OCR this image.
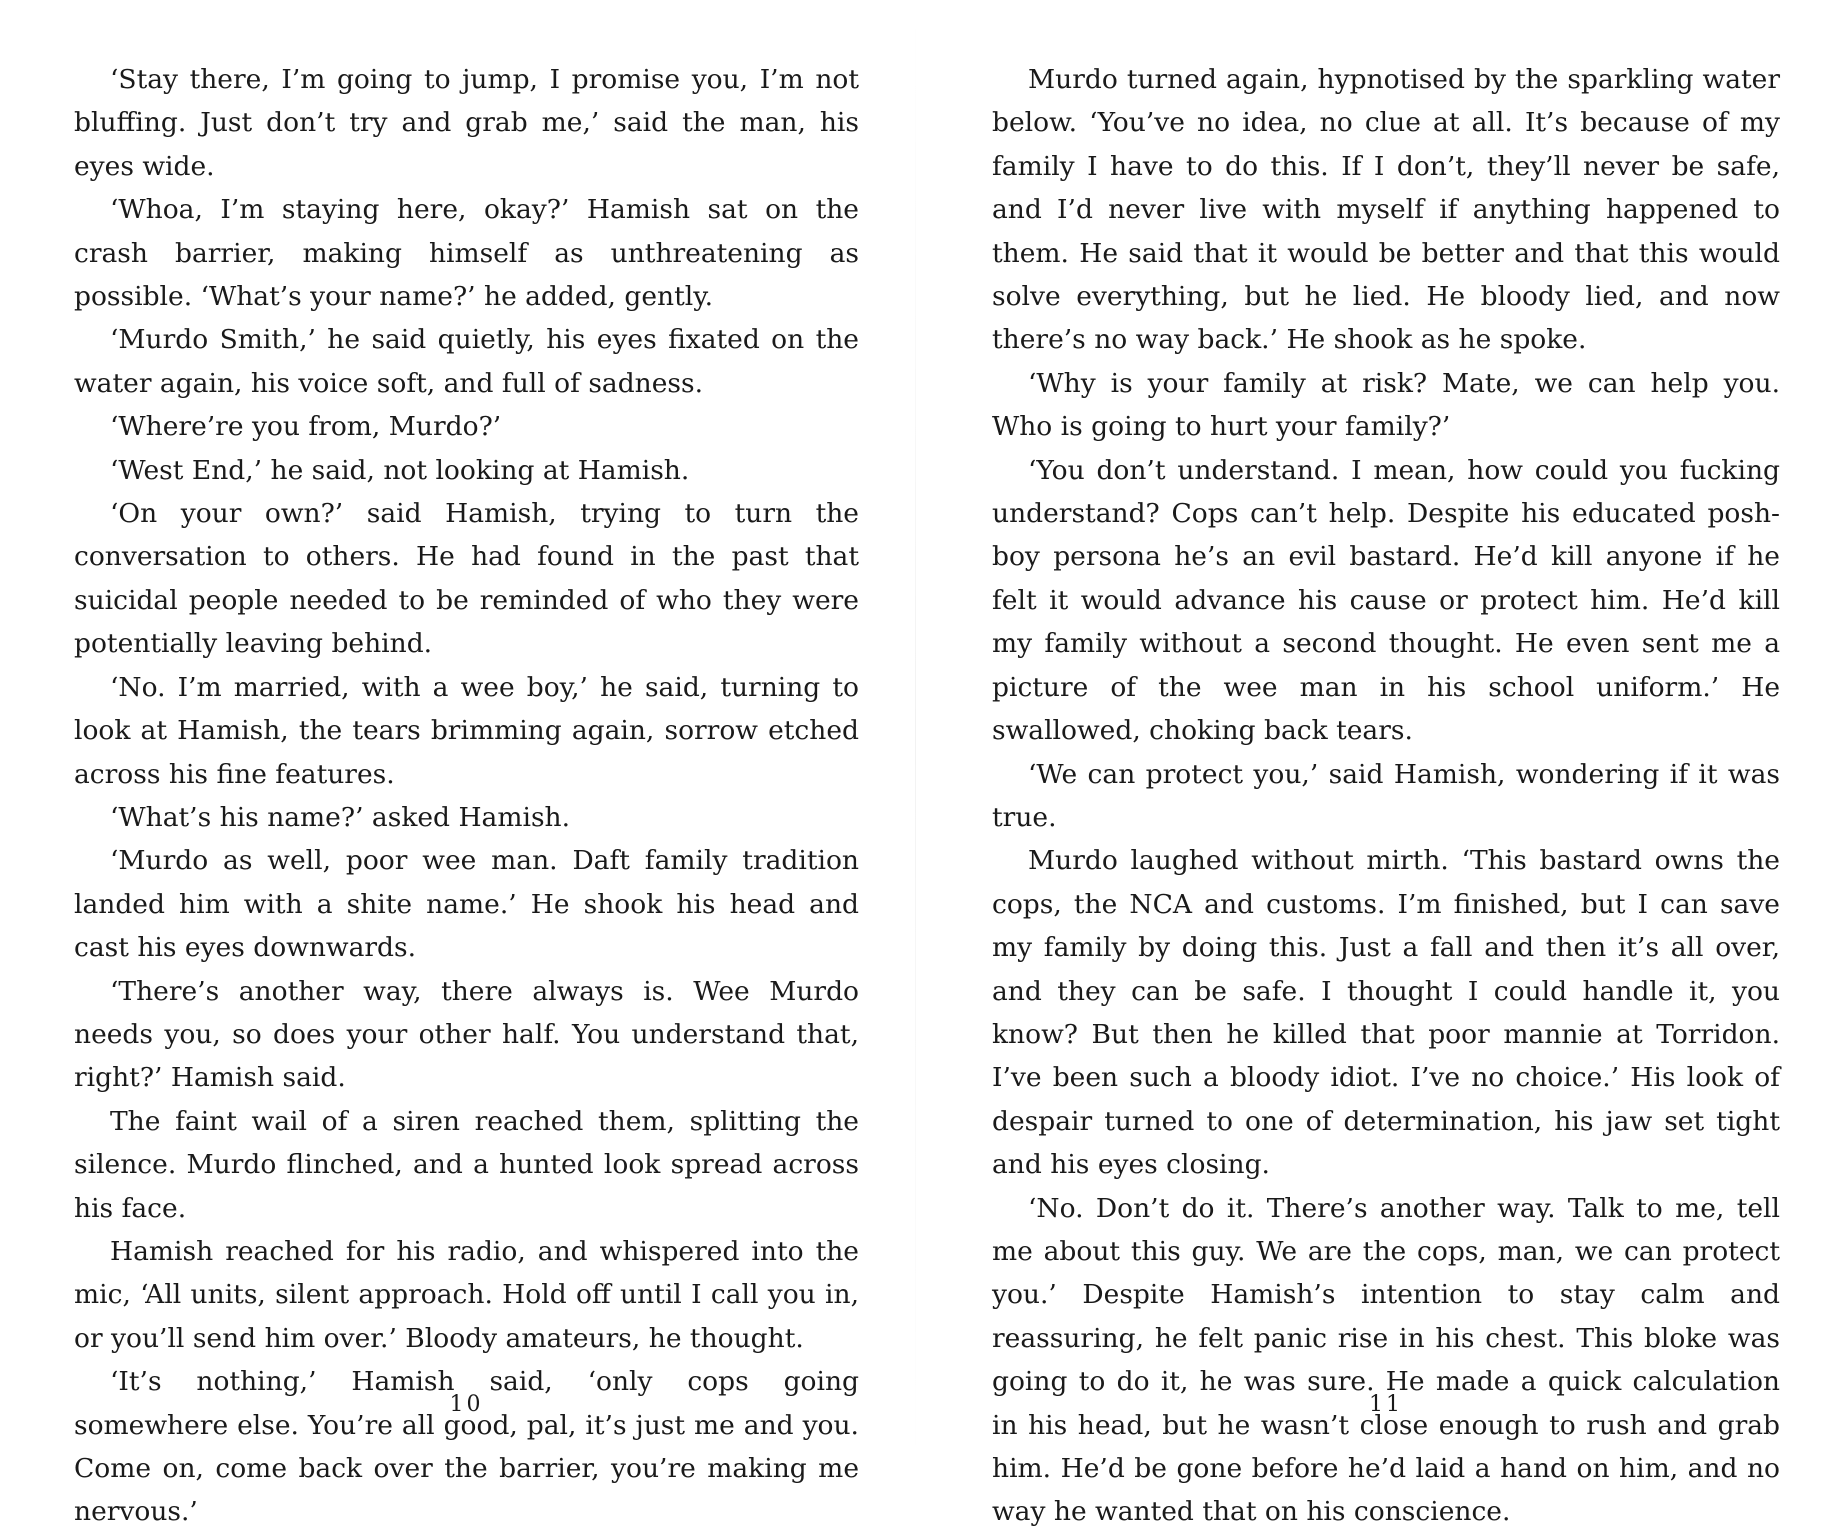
‘Stay there, I’m going to jump, I promise you, I’m not bluffing. Just don’t try and grab me,’ said the man, his eyes wide.

‘Whoa, I’m staying here, okay?’ Hamish sat on the crash barrier, making himself as unthreatening as possible. ‘What’s your name?’ he added, gently.

‘Murdo Smith,’ he said quietly, his eyes fixated on the water again, his voice soft, and full of sadness.

‘Where’re you from, Murdo?’

‘West End,’ he said, not looking at Hamish.

‘On your own?’ said Hamish, trying to turn the conversation to others. He had found in the past that suicidal people needed to be reminded of who they were potentially leaving behind.

‘No. I’m married, with a wee boy,’ he said, turning to look at Hamish, the tears brimming again, sorrow etched across his fine features.

‘What’s his name?’ asked Hamish.

‘Murdo as well, poor wee man. Daft family tradition landed him with a shite name.’ He shook his head and cast his eyes downwards.

‘There’s another way, there always is. Wee Murdo needs you, so does your other half. You understand that, right?’ Hamish said.

The faint wail of a siren reached them, splitting the silence. Murdo flinched, and a hunted look spread across his face.

Hamish reached for his radio, and whispered into the mic, ‘All units, silent approach. Hold off until I call you in, or you’ll send him over.’ Bloody amateurs, he thought.

‘It’s nothing,’ Hamish said, ‘only cops going somewhere else. You’re all good, pal, it’s just me and you. Come on, come back over the barrier, you’re making me nervous.’

10

Murdo turned again, hypnotised by the sparkling water below. ‘You’ve no idea, no clue at all. It’s because of my family I have to do this. If I don’t, they’ll never be safe, and I’d never live with myself if anything happened to them. He said that it would be better and that this would solve everything, but he lied. He bloody lied, and now there’s no way back.’ He shook as he spoke.

‘Why is your family at risk? Mate, we can help you. Who is going to hurt your family?’

‘You don’t understand. I mean, how could you fucking understand? Cops can’t help. Despite his educated posh-boy persona he’s an evil bastard. He’d kill anyone if he felt it would advance his cause or protect him. He’d kill my family without a second thought. He even sent me a picture of the wee man in his school uniform.’ He swallowed, choking back tears.

‘We can protect you,’ said Hamish, wondering if it was true.

Murdo laughed without mirth. ‘This bastard owns the cops, the NCA and customs. I’m finished, but I can save my family by doing this. Just a fall and then it’s all over, and they can be safe. I thought I could handle it, you know? But then he killed that poor mannie at Torridon. I’ve been such a bloody idiot. I’ve no choice.’ His look of despair turned to one of determination, his jaw set tight and his eyes closing.

‘No. Don’t do it. There’s another way. Talk to me, tell me about this guy. We are the cops, man, we can protect you.’ Despite Hamish’s intention to stay calm and reassuring, he felt panic rise in his chest. This bloke was going to do it, he was sure. He made a quick calculation in his head, but he wasn’t close enough to rush and grab him. He’d be gone before he’d laid a hand on him, and no way he wanted that on his conscience.

11
